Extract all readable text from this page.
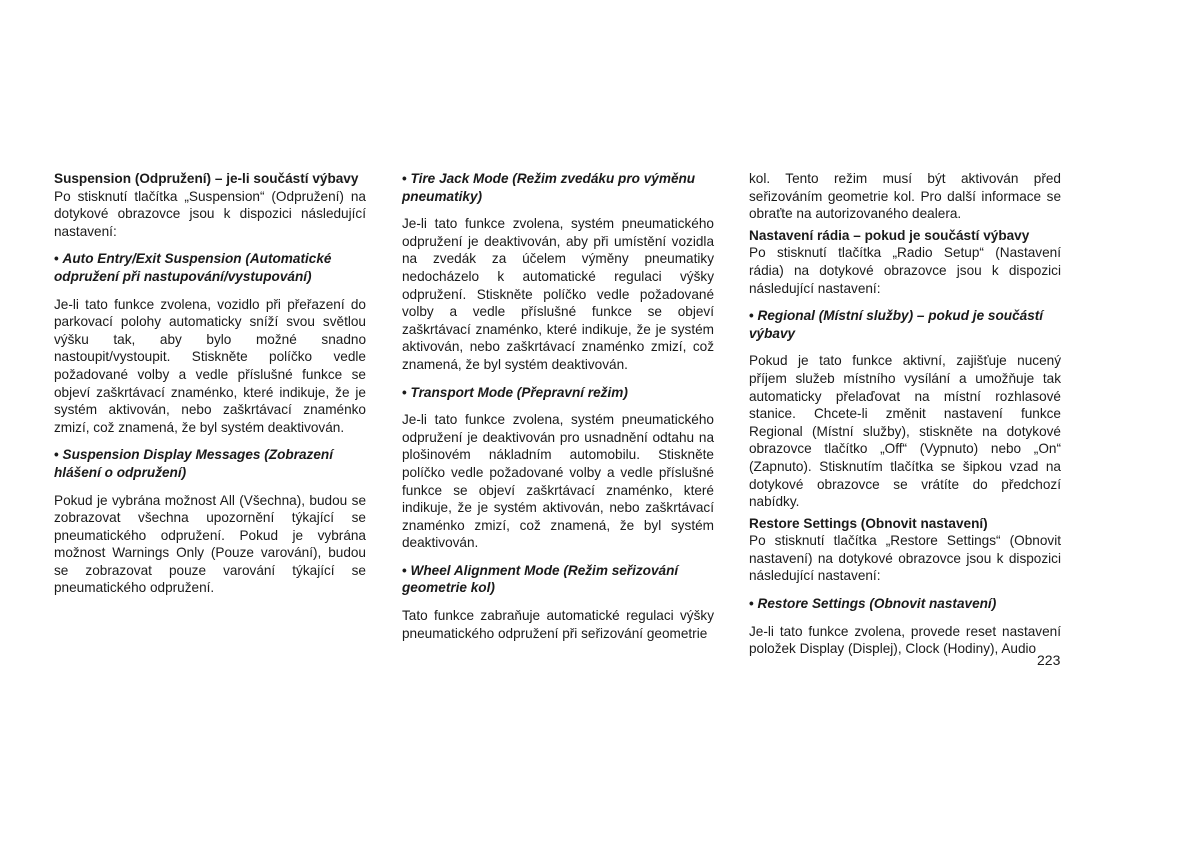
Suspension (Odpružení) – je-li součástí výbavy

Po stisknutí tlačítka „Suspension“ (Odpružení) na dotykové obrazovce jsou k dispozici následující nastavení:

• Auto Entry/Exit Suspension (Automatické odpružení při nastupování/vystupování)

Je-li tato funkce zvolena, vozidlo při přeřazení do parkovací polohy automaticky sníží svou světlou výšku tak, aby bylo možné snadno nastoupit/vystoupit. Stiskněte políčko vedle požadované volby a vedle příslušné funkce se objeví zaškrtávací znaménko, které indikuje, že je systém aktivován, nebo zaškrtávací znaménko zmizí, což znamená, že byl systém deaktivován.

• Suspension Display Messages (Zobrazení hlášení o odpružení)

Pokud je vybrána možnost All (Všechna), budou se zobrazovat všechna upozornění týkající se pneumatického odpružení. Pokud je vybrána možnost Warnings Only (Pouze varování), budou se zobrazovat pouze varování týkající se pneumatického odpružení.

• Tire Jack Mode (Režim zvedáku pro výměnu pneumatiky)

Je-li tato funkce zvolena, systém pneumatického odpružení je deaktivován, aby při umístění vozidla na zvedák za účelem výměny pneumatiky nedocházelo k automatické regulaci výšky odpružení. Stiskněte políčko vedle požadované volby a vedle příslušné funkce se objeví zaškrtávací znaménko, které indikuje, že je systém aktivován, nebo zaškrtávací znaménko zmizí, což znamená, že byl systém deaktivován.

• Transport Mode (Přepravní režim)

Je-li tato funkce zvolena, systém pneumatického odpružení je deaktivován pro usnadnění odtahu na plošinovém nákladním automobilu. Stiskněte políčko vedle požadované volby a vedle příslušné funkce se objeví zaškrtávací znaménko, které indikuje, že je systém aktivován, nebo zaškrtávací znaménko zmizí, což znamená, že byl systém deaktivován.

• Wheel Alignment Mode (Režim seřizování geometrie kol)

Tato funkce zabraňuje automatické regulaci výšky pneumatického odpružení při seřizování geometrie

kol. Tento režim musí být aktivován před seřizováním geometrie kol. Pro další informace se obraťte na autorizovaného dealera.

Nastavení rádia – pokud je součástí výbavy

Po stisknutí tlačítka „Radio Setup“ (Nastavení rádia) na dotykové obrazovce jsou k dispozici následující nastavení:

• Regional (Místní služby) – pokud je součástí výbavy

Pokud je tato funkce aktivní, zajišťuje nucený příjem služeb místního vysílání a umožňuje tak automaticky přelaďovat na místní rozhlasové stanice. Chcete-li změnit nastavení funkce Regional (Místní služby), stiskněte na dotykové obrazovce tlačítko „Off“ (Vypnuto) nebo „On“ (Zapnuto). Stisknutím tlačítka se šipkou vzad na dotykové obrazovce se vrátíte do předchozí nabídky.

Restore Settings (Obnovit nastavení)

Po stisknutí tlačítka „Restore Settings“ (Obnovit nastavení) na dotykové obrazovce jsou k dispozici následující nastavení:

• Restore Settings (Obnovit nastavení)

Je-li tato funkce zvolena, provede reset nastavení položek Display (Displej), Clock (Hodiny), Audio

223
